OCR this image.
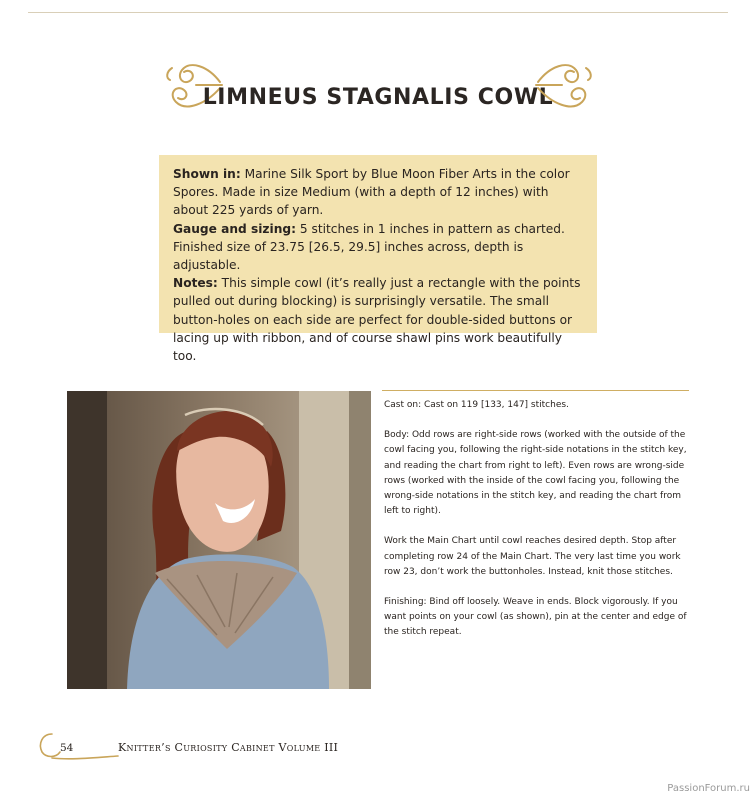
LIMNEUS STAGNALIS COWL

Shown in: Marine Silk Sport by Blue Moon Fiber Arts in the color Spores. Made in size Medium (with a depth of 12 inches) with about 225 yards of yarn.

Gauge and sizing: 5 stitches in 1 inches in pattern as charted. Finished size of 23.75 [26.5, 29.5] inches across, depth is adjustable.

Notes: This simple cowl (it’s really just a rectangle with the points pulled out during blocking) is surprisingly versatile. The small button-holes on each side are perfect for double-sided buttons or lacing up with ribbon, and of course shawl pins work beautifully too.

Cast on: Cast on 119 [133, 147] stitches.

Body: Odd rows are right-side rows (worked with the outside of the cowl facing you, following the right-side notations in the stitch key, and reading the chart from right to left). Even rows are wrong-side rows (worked with the inside of the cowl facing you, following the wrong-side notations in the stitch key, and reading the chart from left to right).

Work the Main Chart until cowl reaches desired depth. Stop after completing row 24 of the Main Chart. The very last time you work row 23, don’t work the buttonholes. Instead, knit those stitches.

Finishing: Bind off loosely. Weave in ends. Block vigorously. If you want points on your cowl (as shown), pin at the center and edge of the stitch repeat.

54	Knitter’s Curiosity Cabinet Volume III
PassionForum.ru
